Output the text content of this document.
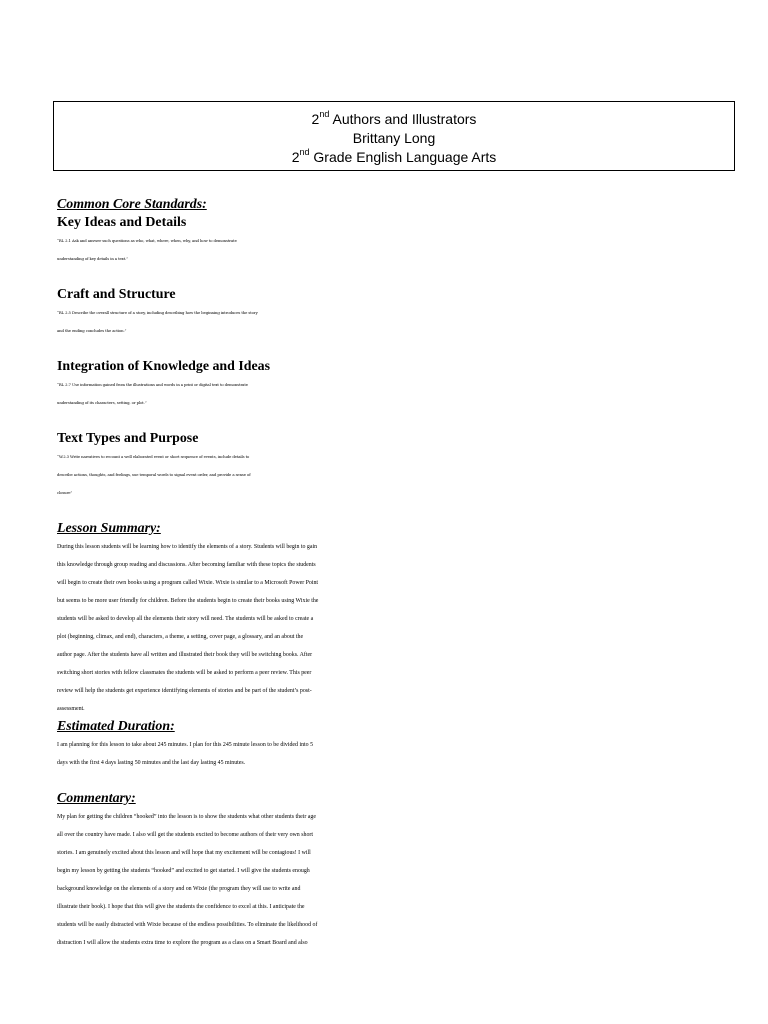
2nd Authors and Illustrators
Brittany Long
2nd Grade English Language Arts

Common Core Standards:

Key Ideas and Details

“RL 2.1 Ask and answer such questions as who, what, where, when, why, and how to demonstrate

understanding of key details in a text.”

Craft and Structure

“RL 2.5 Describe the overall structure of a story, including describing how the beginning introduces the story

and the ending concludes the action.”

Integration of Knowledge and Ideas

“RL 2.7 Use information gained from the illustrations and words in a print or digital text to demonstrate

understanding of its characters, setting, or plot.”

Text Types and Purpose

“W.2.3 Write narratives to recount a well elaborated event or short sequence of events, include details to

describe actions, thoughts, and feelings, use temporal words to signal event order, and provide a sense of

closure”

Lesson Summary:

During this lesson students will be learning how to identify the elements of a story. Students will begin to gain

this knowledge through group reading and discussions. After becoming familiar with these topics the students

will begin to create their own books using a program called Wixie. Wixie is similar to a Microsoft Power Point

but seems to be more user friendly for children. Before the students begin to create their books using Wixie the

students will be asked to develop all the elements their story will need. The students will be asked to create a

plot (beginning, climax, and end), characters, a theme, a setting, cover page, a glossary, and an about the

author page. After the students have all written and illustrated their book they will be switching books. After

switching short stories with fellow classmates the students will be asked to perform a peer review. This peer

review will help the students get experience identifying elements of stories and be part of the student’s post-

assessment.

Estimated Duration:

I am planning for this lesson to take about 245 minutes. I plan for this 245 minute lesson to be divided into 5

days with the first 4 days lasting 50 minutes and the last day lasting 45 minutes.

Commentary:

My plan for getting the children “hooked” into the lesson is to show the students what other students their age

all over the country have made. I also will get the students excited to become authors of their very own short

stories. I am genuinely excited about this lesson and will hope that my excitement will be contagious! I will

begin my lesson by getting the students “hooked” and excited to get started. I will give the students enough

background knowledge on the elements of a story and on Wixie (the program they will use to write and

illustrate their book). I hope that this will give the students the confidence to excel at this. I anticipate the

students will be easily distracted with Wixie because of the endless possibilities. To eliminate the likelihood of

distraction I will allow the students extra time to explore the program as a class on a Smart Board and also
